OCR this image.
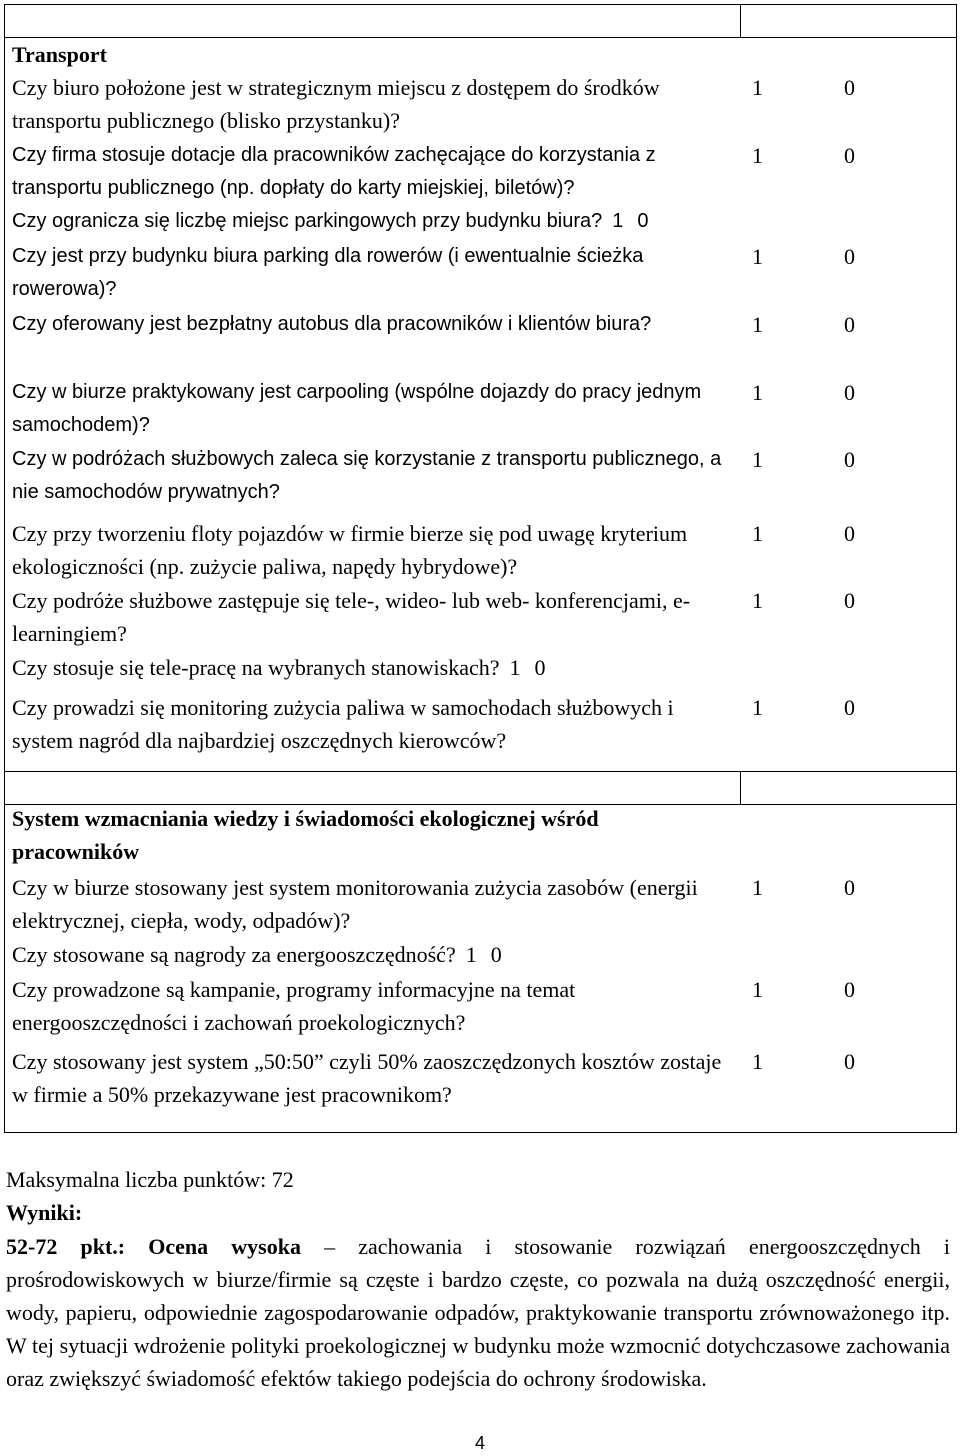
Transport
Czy biuro położone jest w strategicznym miejscu z dostępem do środków transportu publicznego (blisko przystanku)?
1	0
Czy firma stosuje dotacje dla pracowników zachęcające do korzystania z transportu publicznego (np. dopłaty do karty miejskiej, biletów)?
1	0
Czy ogranicza się liczbę miejsc parkingowych przy budynku biura? 1 0
Czy jest przy budynku biura parking dla rowerów (i ewentualnie ścieżka rowerowa)?
1	0
Czy oferowany jest bezpłatny autobus dla pracowników i klientów biura?	1	0
Czy w biurze praktykowany jest carpooling (wspólne dojazdy do pracy jednym samochodem)?
1	0
Czy w podróżach służbowych zaleca się korzystanie z transportu publicznego, a nie samochodów prywatnych?
1	0
Czy przy tworzeniu floty pojazdów w firmie bierze się pod uwagę kryterium ekologiczności (np. zużycie paliwa, napędy hybrydowe)?
1	0
Czy podróże służbowe zastępuje się tele-, wideo- lub web- konferencjami, e-learningiem?
1	0
Czy stosuje się tele-pracę na wybranych stanowiskach? 1 0
Czy prowadzi się monitoring zużycia paliwa w samochodach służbowych i system nagród dla najbardziej oszczędnych kierowców?
1	0
System wzmacniania wiedzy i świadomości ekologicznej wśród pracowników
Czy w biurze stosowany jest system monitorowania zużycia zasobów (energii elektrycznej, ciepła, wody, odpadów)?
1	0
Czy stosowane są nagrody za energooszczędność? 1 0
Czy prowadzone są kampanie, programy informacyjne na temat energooszczędności i zachowań proekologicznych?
1	0
Czy stosowany jest system „50:50” czyli 50% zaoszczędzonych kosztów zostaje w firmie a 50% przekazywane jest pracownikom?
1	0
Maksymalna liczba punktów: 72
Wyniki:
52-72 pkt.: Ocena wysoka – zachowania i stosowanie rozwiązań energooszczędnych i prośrodowiskowych w biurze/firmie są częste i bardzo częste, co pozwala na dużą oszczędność energii, wody, papieru, odpowiednie zagospodarowanie odpadów, praktykowanie transportu zrównoważonego itp. W tej sytuacji wdrożenie polityki proekologicznej w budynku może wzmocnić dotychczasowe zachowania oraz zwiększyć świadomość efektów takiego podejścia do ochrony środowiska.
4
